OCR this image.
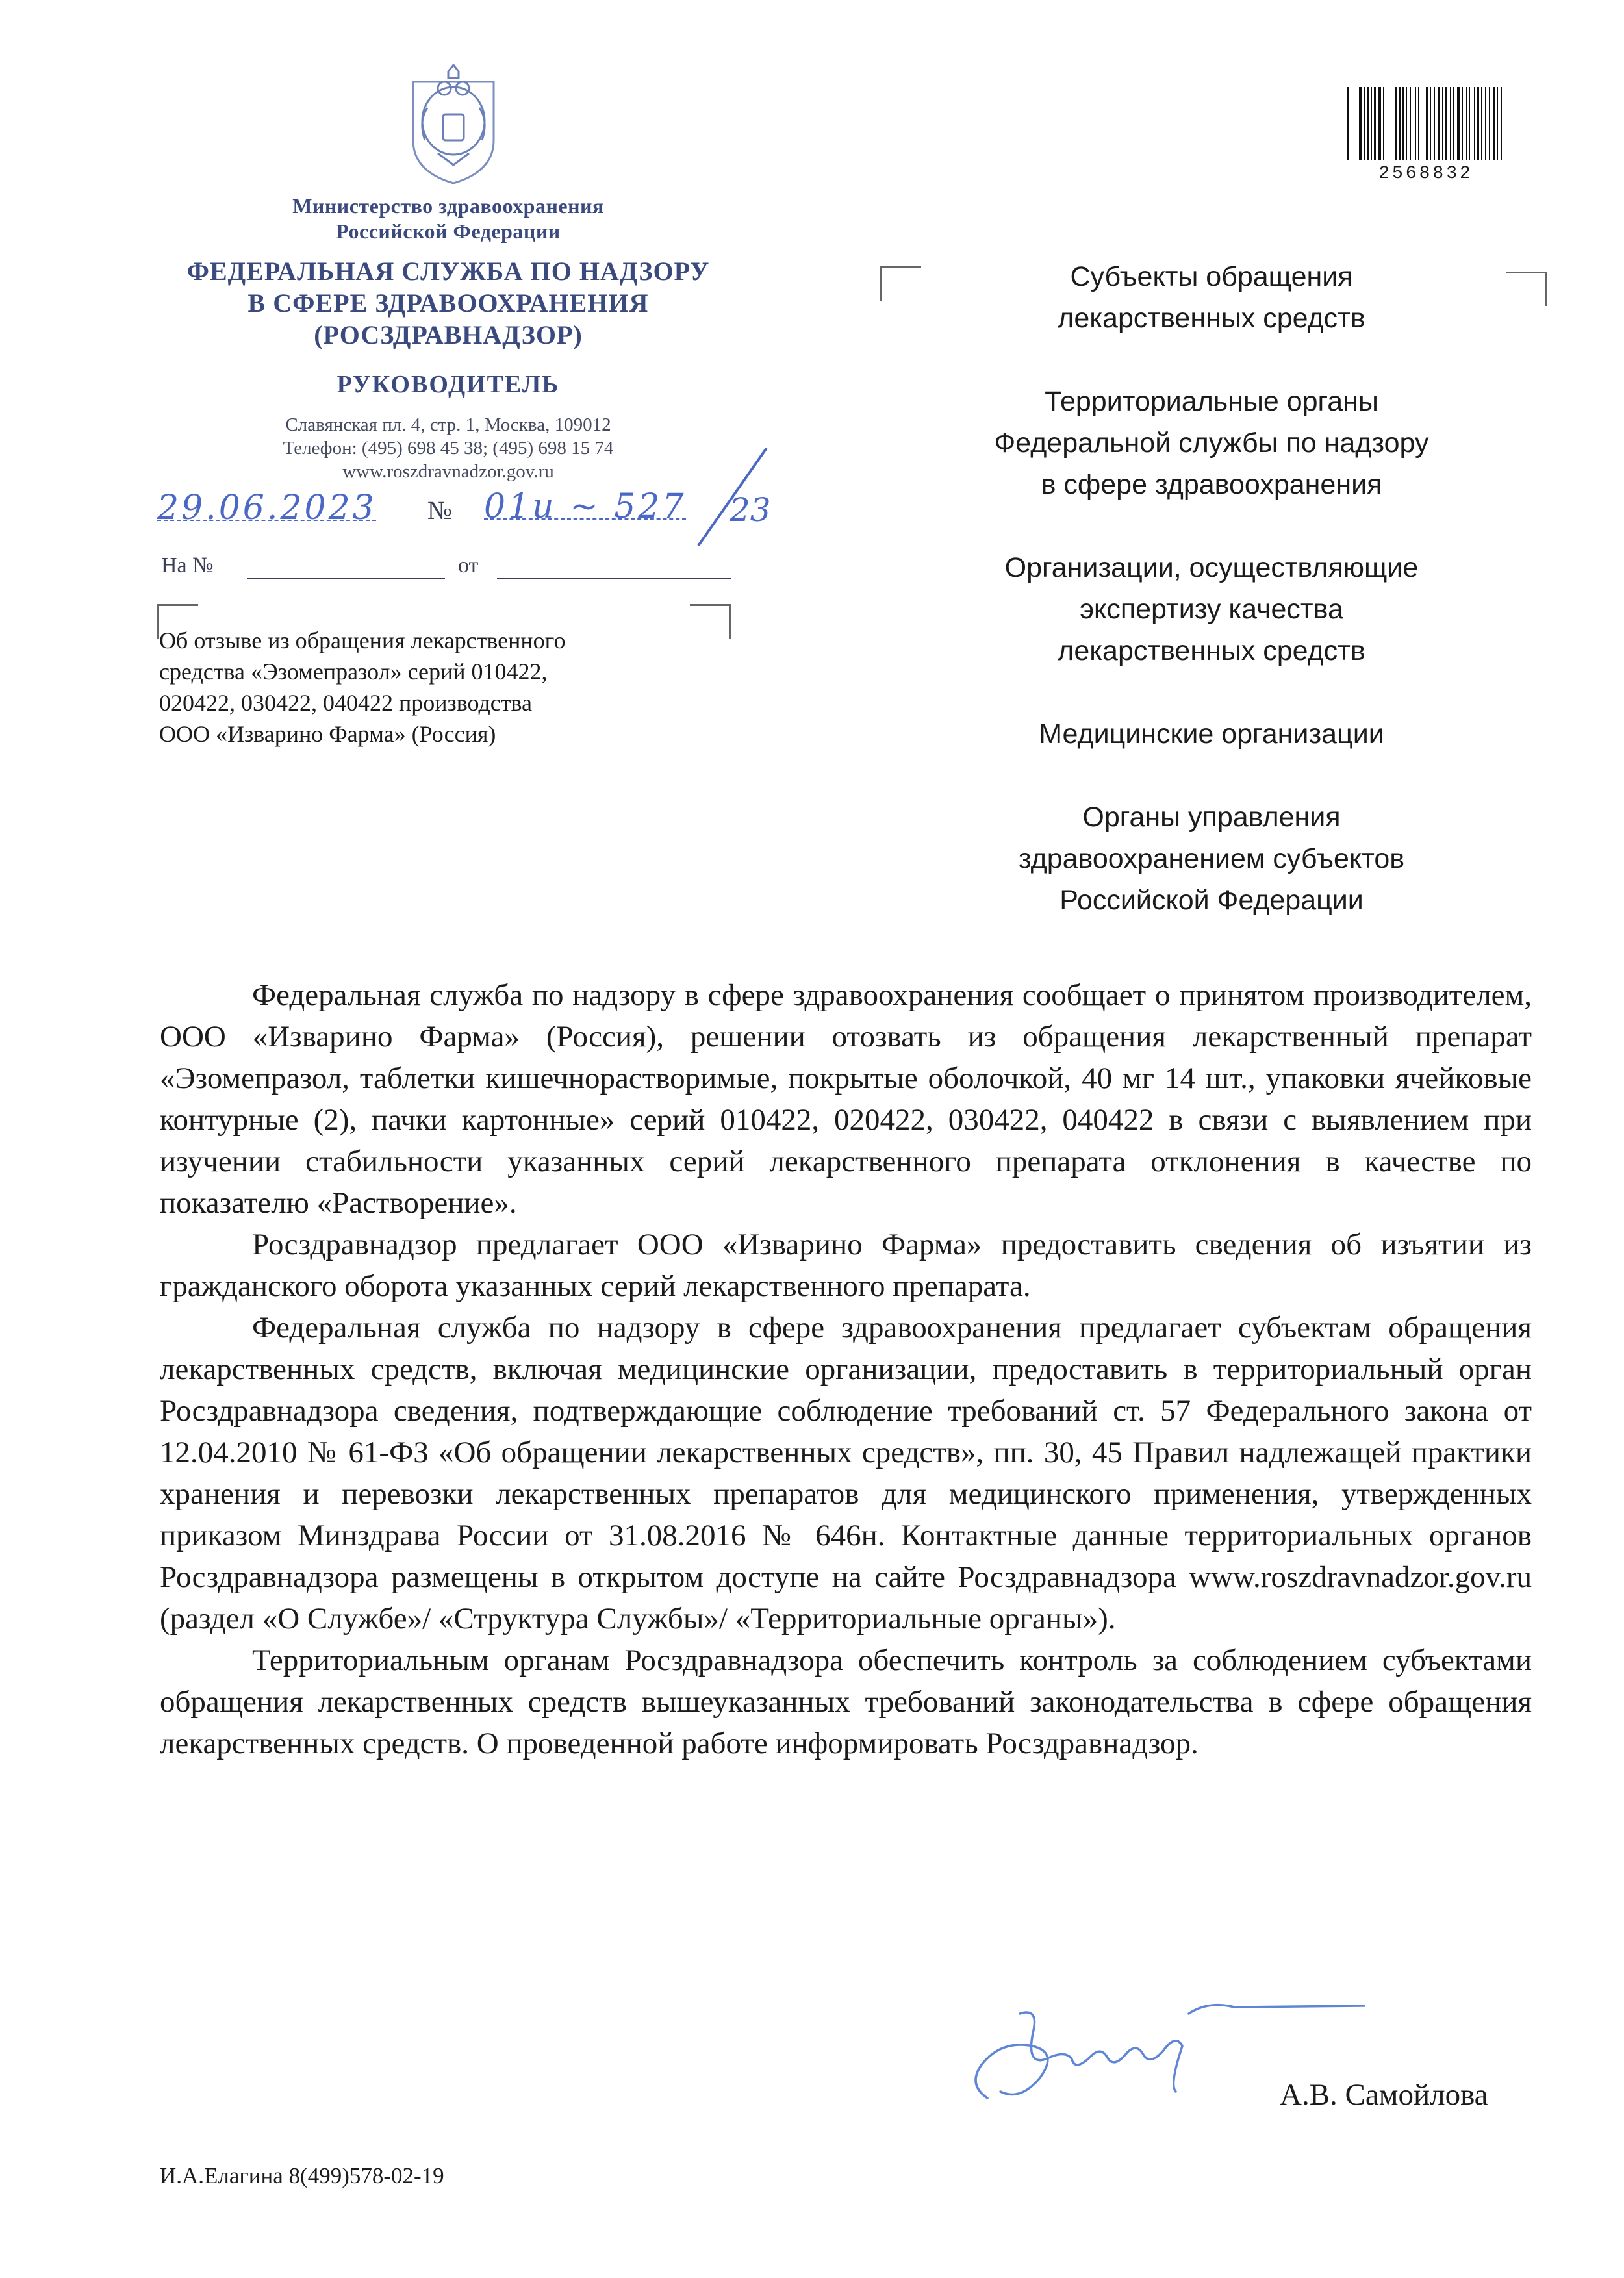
Министерство здравоохранения
Российской Федерации
ФЕДЕРАЛЬНАЯ СЛУЖБА ПО НАДЗОРУ
В СФЕРЕ ЗДРАВООХРАНЕНИЯ
(РОСЗДРАВНАДЗОР)
РУКОВОДИТЕЛЬ
Славянская пл. 4, стр. 1, Москва, 109012
Телефон: (495) 698 45 38; (495) 698 15 74
www.roszdravnadzor.gov.ru
29.06.2023 № 01и ~ 527 23
На №	от
Об отзыве из обращения лекарственного
средства «Эзомепразол» серий 010422,
020422, 030422, 040422 производства
ООО «Изварино Фарма» (Россия)
2568832

Субъекты обращения
лекарственных средств

Территориальные органы
Федеральной службы по надзору
в сфере здравоохранения

Организации, осуществляющие
экспертизу качества
лекарственных средств

Медицинские организации

Органы управления
здравоохранением субъектов
Российской Федерации

Федеральная служба по надзору в сфере здравоохранения сообщает о принятом производителем, ООО «Изварино Фарма» (Россия), решении отозвать из обращения лекарственный препарат «Эзомепразол, таблетки кишечнорастворимые, покрытые оболочкой, 40 мг 14 шт., упаковки ячейковые контурные (2), пачки картонные» серий 010422, 020422, 030422, 040422 в связи с выявлением при изучении стабильности указанных серий лекарственного препарата отклонения в качестве по показателю «Растворение».

Росздравнадзор предлагает ООО «Изварино Фарма» предоставить сведения об изъятии из гражданского оборота указанных серий лекарственного препарата.

Федеральная служба по надзору в сфере здравоохранения предлагает субъектам обращения лекарственных средств, включая медицинские организации, предоставить в территориальный орган Росздравнадзора сведения, подтверждающие соблюдение требований ст. 57 Федерального закона от 12.04.2010 № 61-ФЗ «Об обращении лекарственных средств», пп. 30, 45 Правил надлежащей практики хранения и перевозки лекарственных препаратов для медицинского применения, утвержденных приказом Минздрава России от 31.08.2016 № 646н. Контактные данные территориальных органов Росздравнадзора размещены в открытом доступе на сайте Росздравнадзора www.roszdravnadzor.gov.ru (раздел «О Службе»/ «Структура Службы»/ «Территориальные органы»).

Территориальным органам Росздравнадзора обеспечить контроль за соблюдением субъектами обращения лекарственных средств вышеуказанных требований законодательства в сфере обращения лекарственных средств. О проведенной работе информировать Росздравнадзор.

А.В. Самойлова
И.А.Елагина 8(499)578-02-19
